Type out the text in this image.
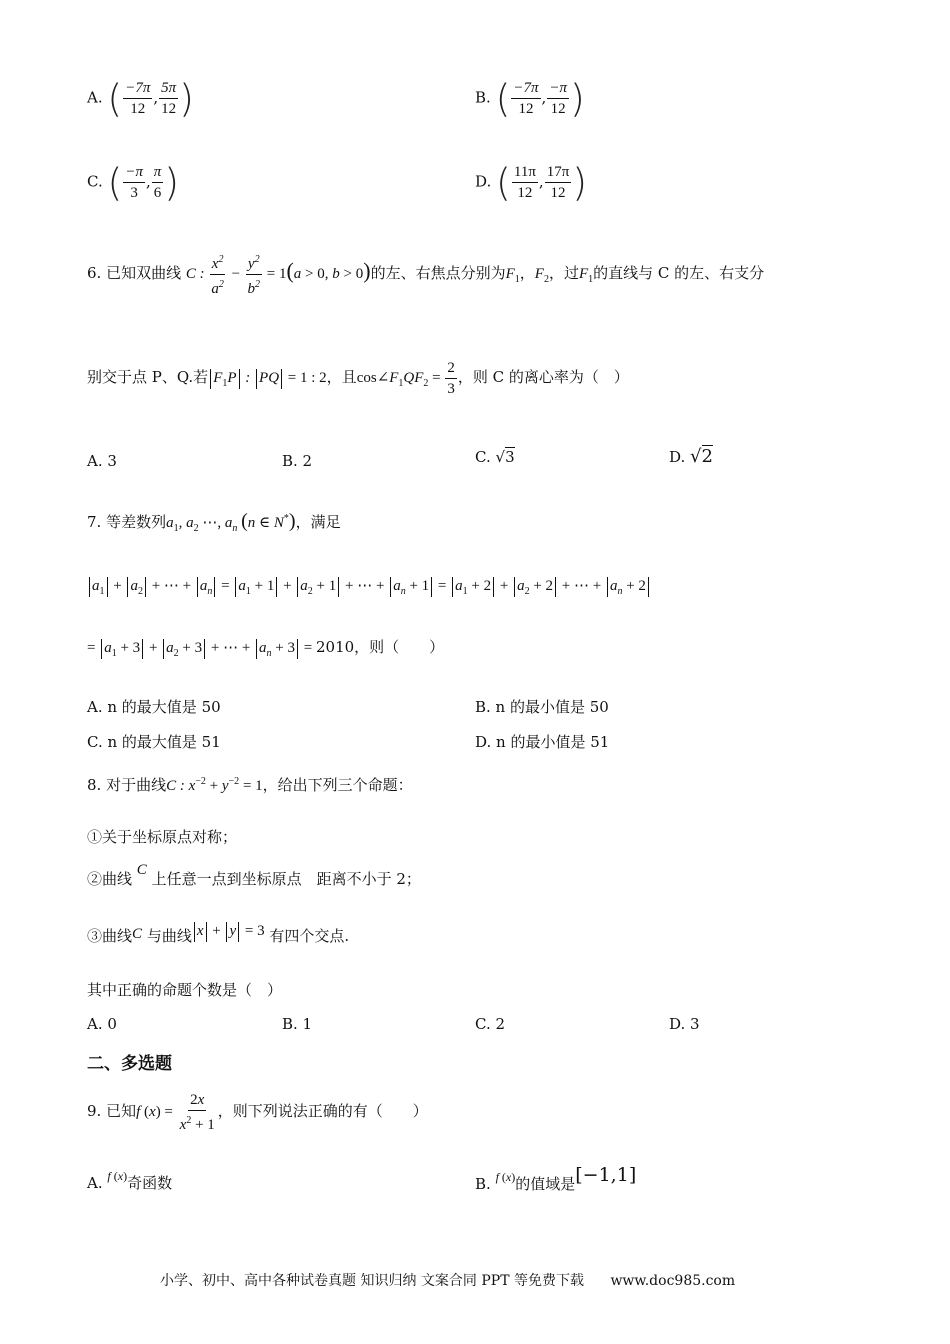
A. ( $\frac{-7\pi}{12}$ , $\frac{5\pi}{12}$ )	B. ( $\frac{-7\pi}{12}$ , $\frac{-\pi}{12}$ )
C. ( $\frac{-\pi}{3}$ , $\frac{\pi}{6}$ )	D. ( $\frac{11\pi}{12}$ , $\frac{17\pi}{12}$ )
6. 已知双曲线 C : $\frac{x^2}{a^2} - \frac{y^2}{b^2} = 1(a > 0$, b > 0)的左、右焦点分别为$F_1$，$F_2$，过$F_1$的直线与 C 的左、右支分
别交于点 P、Q.若 $F_1P$ : PQ = 1 : 2，且$\cos\angle F_1QF_2 = \frac{2}{3}$ ，则 C 的离心率为（　）
A. 3	B. 2	C. √3	D. √2
7. 等差数列$a_1$, $a_2$ ⋯, $a_n$ (n ∈ N*)，满足
$a_1 + a_2$ + ⋯ + $a_n = a_1 + 1 + a_2 + 1$ + ⋯ + $a_n + 1 = a_1 + 2 + a_2 + 2$ + ⋯ + $a_n + 2$
= $a_1 + 3 + a_2 + 3$ + ⋯ + $a_n + 3 = 2010$，则（　　）
A. n 的最大值是 50	B. n 的最小值是 50
C. n 的最大值是 51	D. n 的最小值是 51
8. 对于曲线C : $x^{-2} + y^{-2} = 1$，给出下列三个命题：
①关于坐标原点对称；
②曲线 C 上任意一点到坐标原点　距离不小于 2；
③曲线C 与曲线 x + y = 3 有四个交点.
其中正确的命题个数是（　）
A. 0	B. 1	C. 2	D. 3
二、多选题
9. 已知f $(x) = \frac{2x}{x^2 + 1}$ ，则下列说法正确的有（　　）
A. $^{f (x)}$奇函数	B. $^{f (x)}$的值域是[−1,1]
小学、初中、高中各种试卷真题 知识归纳 文案合同 PPT 等免费下载 www.doc985.com
